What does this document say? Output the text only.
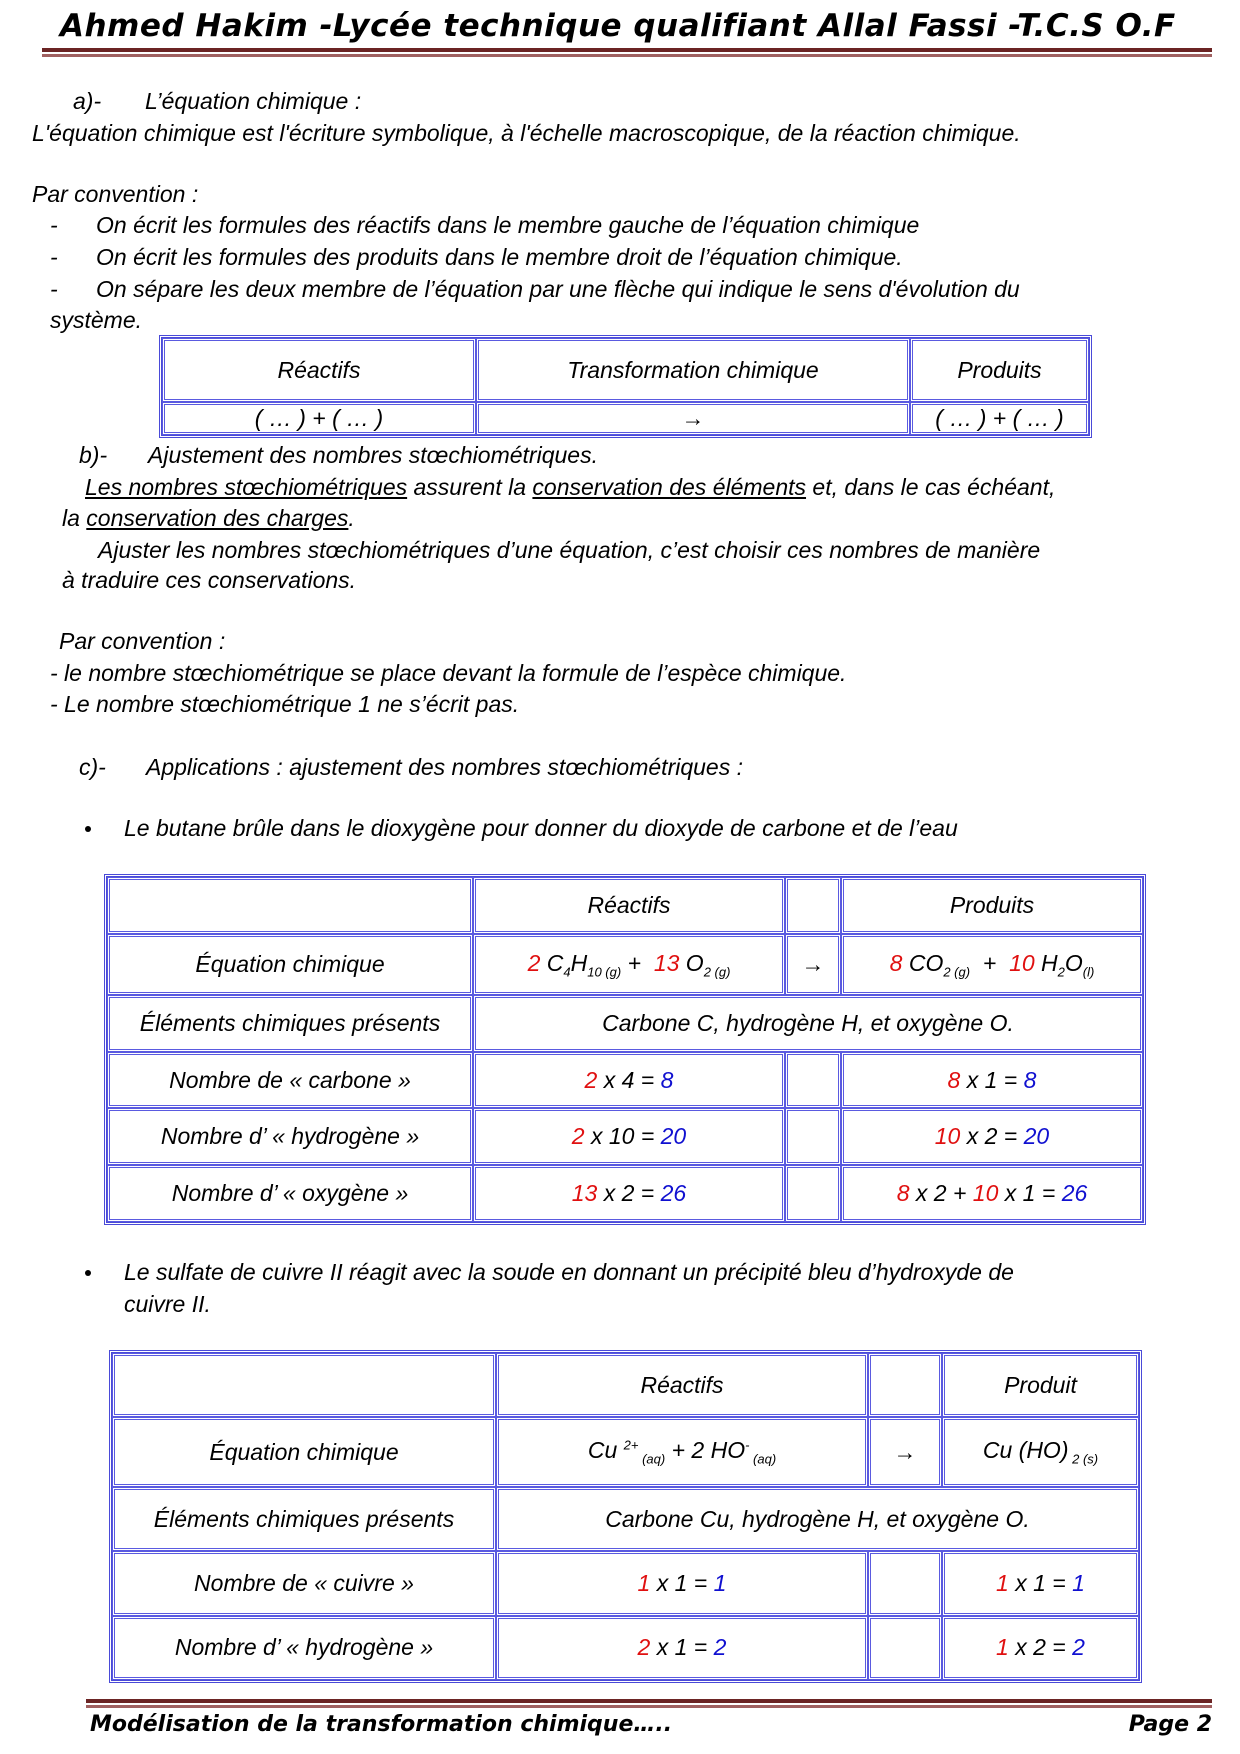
Ahmed Hakim -Lycée technique qualifiant Allal Fassi -T.C.S O.F
a)- L’équation chimique :
L'équation chimique est l'écriture symbolique, à l'échelle macroscopique, de la réaction chimique.
Par convention :
- On écrit les formules des réactifs dans le membre gauche de l’équation chimique
- On écrit les formules des produits dans le membre droit de l’équation chimique.
- On sépare les deux membre de l’équation par une flèche qui indique le sens d'évolution du
système.
Réactifs	Transformation chimique	Produits
( … ) + ( … )	→	( … ) + ( … )
b)- Ajustement des nombres stœchiométriques.
Les nombres stœchiométriques assurent la conservation des éléments et, dans le cas échéant,
la conservation des charges.
Ajuster les nombres stœchiométriques d’une équation, c’est choisir ces nombres de manière
à traduire ces conservations.
Par convention :
- le nombre stœchiométrique se place devant la formule de l’espèce chimique.
- Le nombre stœchiométrique 1 ne s’écrit pas.
c)- Applications : ajustement des nombres stœchiométriques :
Le butane brûle dans le dioxygène pour donner du dioxyde de carbone et de l’eau
	Réactifs		Produits
Équation chimique	2 $C_4H_{10 (g)} + 13$ $O_{2 (g)}$	→	8 $CO_{2 (g)} + 10$ $H_2O_{(l)}$
Éléments chimiques présents	Carbone C, hydrogène H, et oxygène O.		
Nombre de « carbone »	2 x 4 = 8		8 x 1 = 8
Nombre d’ « hydrogène »	2 x 10 = 20		10 x 2 = 20
Nombre d’ « oxygène »	13 x 2 = 26		8 x 2 + 10 x 1 = 26
Le sulfate de cuivre II réagit avec la soude en donnant un précipité bleu d’hydroxyde de
cuivre II.
	Réactifs		Produit
Équation chimique	Cu $^{2+}$ $_{(aq)}$ + 2 HO- $_{(aq)}$	→	Cu (HO) $_{2 (s)}$
Éléments chimiques présents	Carbone Cu, hydrogène H, et oxygène O.		
Nombre de « cuivre »	1 x 1 = 1		1 x 1 = 1
Nombre d’ « hydrogène »	2 x 1 = 2		1 x 2 = 2
Modélisation de la transformation chimique…..	Page 2
